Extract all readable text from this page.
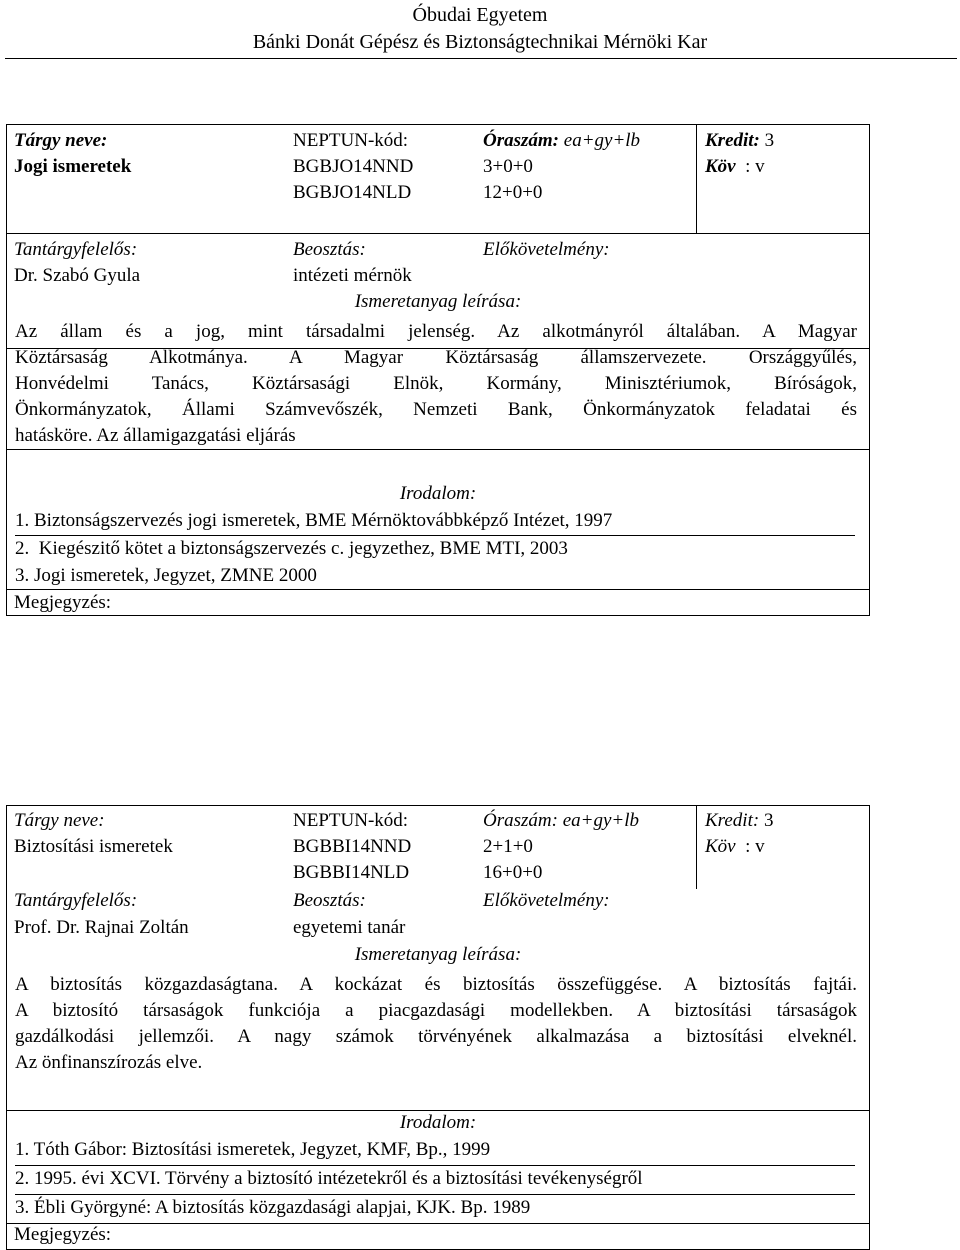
Óbudai Egyetem
Bánki Donát Gépész és Biztonságtechnikai Mérnöki Kar
Tárgy neve:
Jogi ismeretek
NEPTUN-kód:
BGBJO14NND
BGBJO14NLD
Óraszám: ea+gy+lb
3+0+0
12+0+0
Kredit: 3
Köv  : v
Tantárgyfelelős:
Dr. Szabó Gyula
Beosztás:
intézeti mérnök
Előkövetelmény:
Ismeretanyag leírása:

Az állam és a jog, mint társadalmi jelenség. Az alkotmányról általában. A Magyar

Köztársaság Alkotmánya. A Magyar Köztársaság államszervezete. Országgyűlés,

Honvédelmi Tanács, Köztársasági Elnök, Kormány, Minisztériumok, Bíróságok,

Önkormányzatok, Állami Számvevőszék, Nemzeti Bank, Önkormányzatok feladatai és

hatásköre. Az államigazgatási eljárás

Irodalom:
1. Biztonságszervezés jogi ismeretek, BME Mérnöktovábbképző Intézet, 1997
2.  Kiegészitő kötet a biztonságszervezés c. jegyzethez, BME MTI, 2003
3. Jogi ismeretek, Jegyzet, ZMNE 2000
Megjegyzés:
Tárgy neve:
Biztosítási ismeretek
NEPTUN-kód:
BGBBI14NND
BGBBI14NLD
Óraszám: ea+gy+lb
2+1+0
16+0+0
Kredit: 3
Köv  : v
Tantárgyfelelős:
Prof. Dr. Rajnai Zoltán
Beosztás:
egyetemi tanár
Előkövetelmény:
Ismeretanyag leírása:

A biztosítás közgazdaságtana. A kockázat és biztosítás összefüggése. A biztosítás fajtái.

A biztosító társaságok funkciója a piacgazdasági modellekben. A biztosítási társaságok

gazdálkodási jellemzői. A nagy számok törvényének alkalmazása a biztosítási elveknél.

Az önfinanszírozás elve.

Irodalom:
1. Tóth Gábor: Biztosítási ismeretek, Jegyzet, KMF, Bp., 1999
2. 1995. évi XCVI. Törvény a biztosító intézetekről és a biztosítási tevékenységről
3. Ébli Györgyné: A biztosítás közgazdasági alapjai, KJK. Bp. 1989
Megjegyzés:
